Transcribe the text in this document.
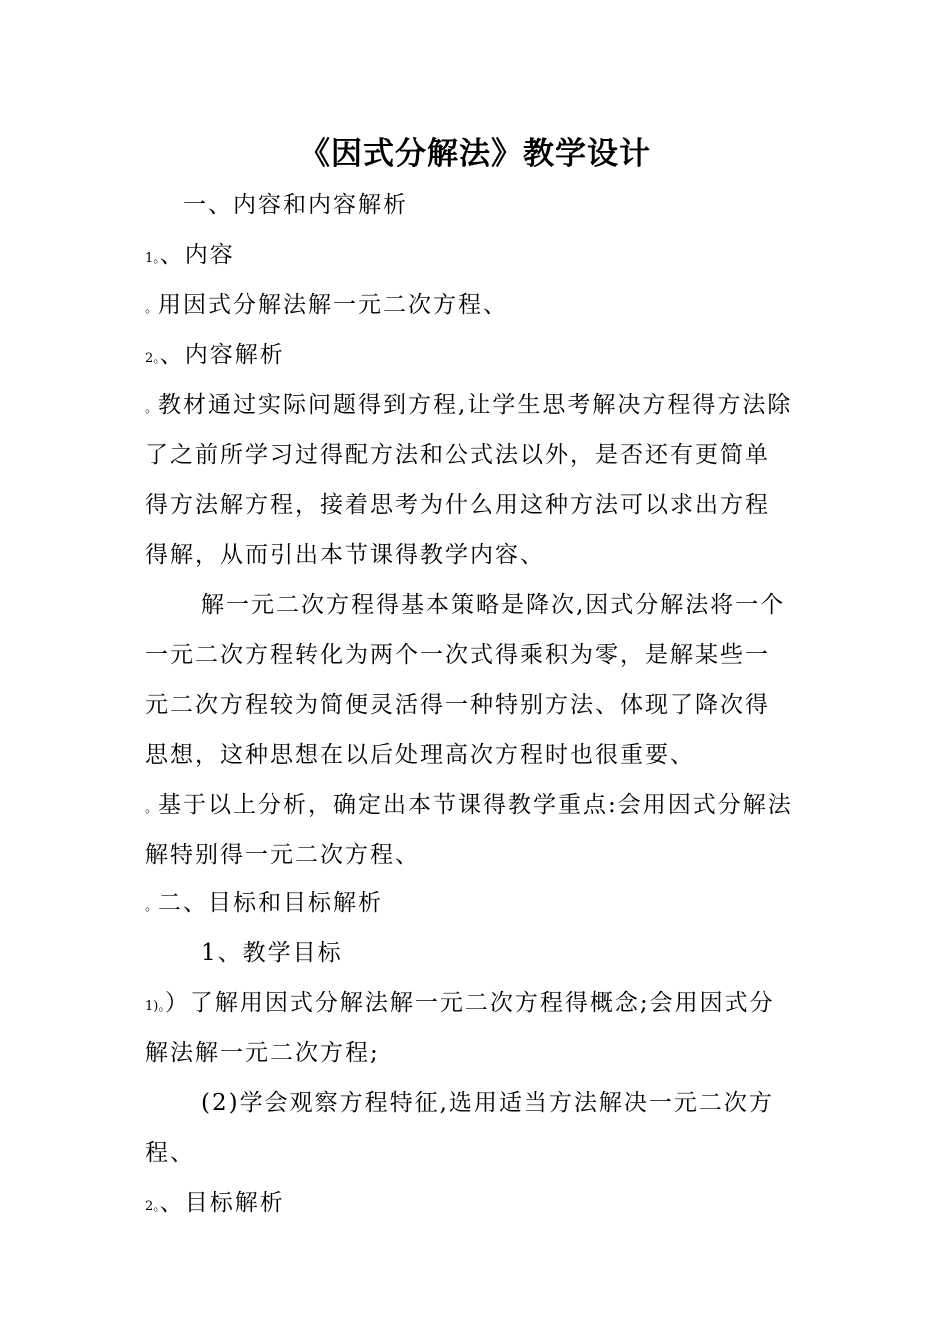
《因式分解法》教学设计
一、内容和内容解析
1。、内容
。用因式分解法解一元二次方程、
2。、内容解析
。教材通过实际问题得到方程,让学生思考解决方程得方法除
了之前所学习过得配方法和公式法以外，是否还有更简单
得方法解方程，接着思考为什么用这种方法可以求出方程
得解，从而引出本节课得教学内容、
解一元二次方程得基本策略是降次,因式分解法将一个
一元二次方程转化为两个一次式得乘积为零，是解某些一
元二次方程较为简便灵活得一种特别方法、体现了降次得
思想，这种思想在以后处理高次方程时也很重要、
。基于以上分析，确定出本节课得教学重点:会用因式分解法
解特别得一元二次方程、
。二、目标和目标解析
1、教学目标
1)。）了解用因式分解法解一元二次方程得概念;会用因式分
解法解一元二次方程;
(2)学会观察方程特征,选用适当方法解决一元二次方
程、
2。、目标解析
